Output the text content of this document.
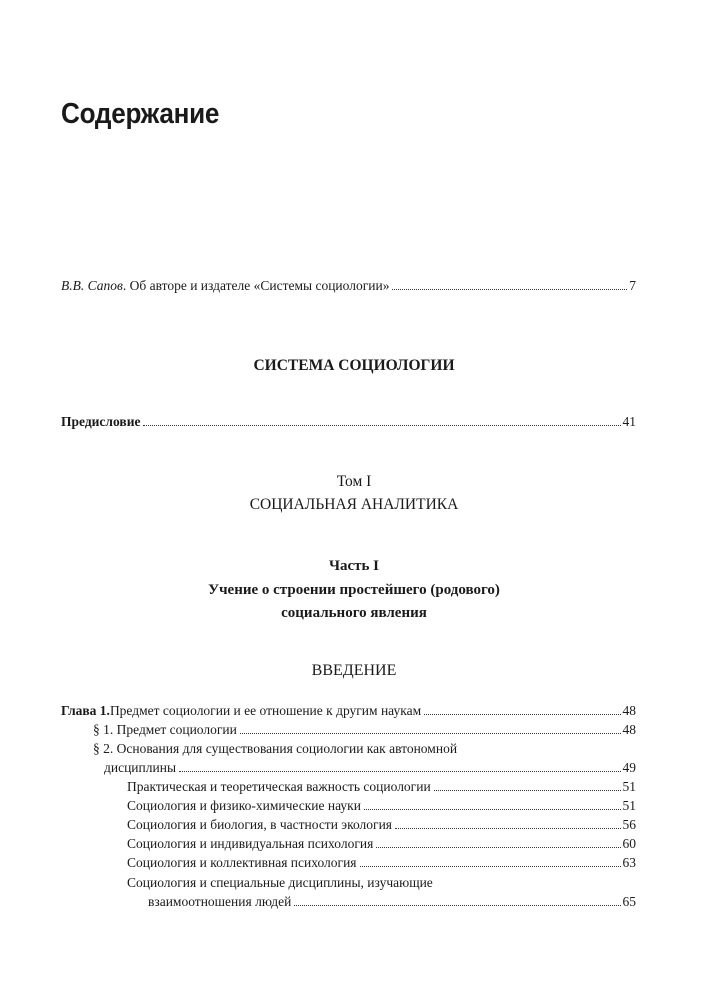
Содержание
В.В. Сапов . Об авторе и издателе «Системы социологии»	7
СИСТЕМА СОЦИОЛОГИИ
Предисловие	41
Том I
СОЦИАЛЬНАЯ АНАЛИТИКА
Часть I
Учение о строении простейшего (родового)
социального явления
ВВЕДЕНИЕ
Глава 1. Предмет социологии и ее отношение к другим наукам	48
§ 1. Предмет социологии	48
§ 2. Основания для существования социологии как автономной
дисциплины	49
Практическая и теоретическая важность социологии	51
Социология и физико-химические науки	51
Социология и биология, в частности экология	56
Социология и индивидуальная психология	60
Социология и коллективная психология	63
Социология и специальные дисциплины, изучающие
взаимоотношения людей	65
